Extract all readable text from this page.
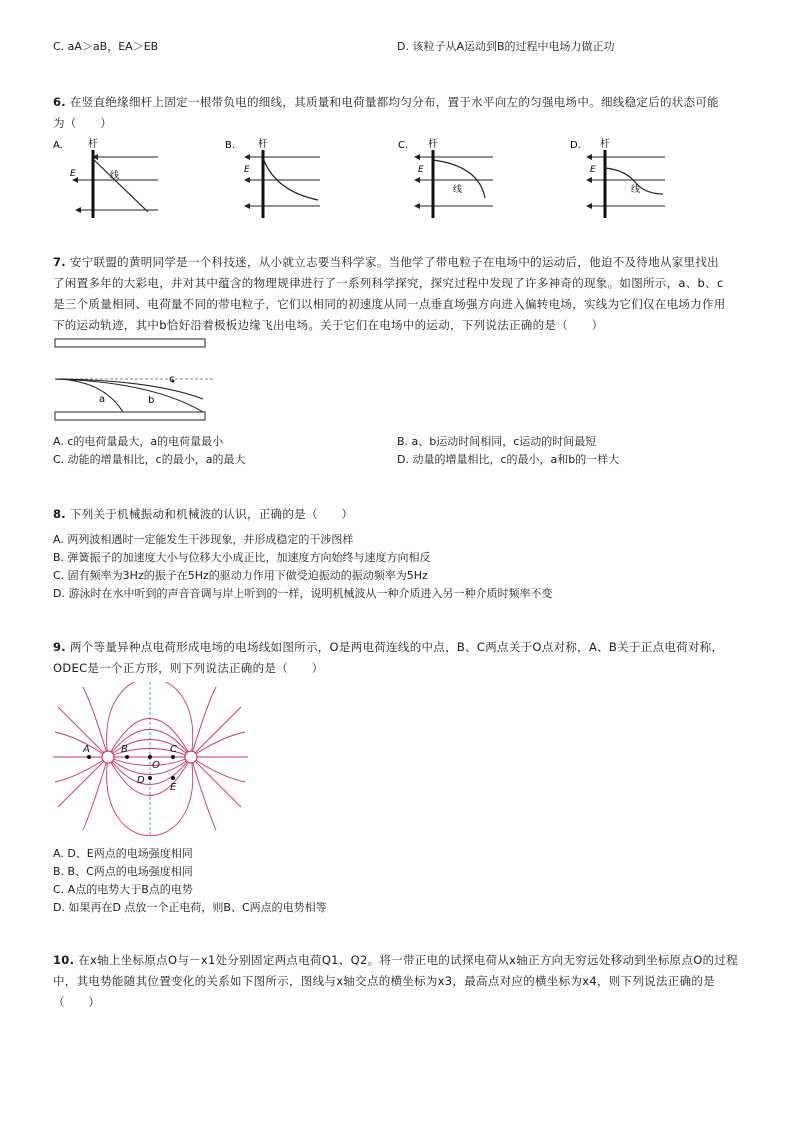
C. aA＞aB，EA＞EB	D. 该粒子从A运动到B的过程中电场力做正功
6. 在竖直绝缘细杆上固定一根带负电的细线，其质量和电荷量都均匀分布，置于水平向左的匀强电场中。细线稳定后的状态可能
为（　　）
A.	杆
E	线
B. 杆
E
C. 杆
E
线
D. 杆
E
线
7. 安宁联盟的黄明同学是一个科技迷，从小就立志要当科学家。当他学了带电粒子在电场中的运动后，他迫不及待地从家里找出
了闲置多年的大彩电，并对其中蕴含的物理规律进行了一系列科学探究，探究过程中发现了许多神奇的现象。如图所示，a、b、c
是三个质量相同、电荷量不同的带电粒子，它们以相同的初速度从同一点垂直场强方向进入偏转电场，实线为它们仅在电场力作用
下的运动轨迹，其中b恰好沿着极板边缘飞出电场。关于它们在电场中的运动，下列说法正确的是（　　）
a	b
c
A. c的电荷量最大，a的电荷量最小	B. a、b运动时间相同，c运动的时间最短
C. 动能的增量相比，c的最小，a的最大	D. 动量的增量相比，c的最小，a和b的一样大
8. 下列关于机械振动和机械波的认识，正确的是（　　）
A. 两列波相遇时一定能发生干涉现象，并形成稳定的干涉图样
B. 弹簧振子的加速度大小与位移大小成正比，加速度方向始终与速度方向相反
C. 固有频率为3Hz的振子在5Hz的驱动力作用下做受迫振动的振动频率为5Hz
D. 游泳时在水中听到的声音音调与岸上听到的一样，说明机械波从一种介质进入另一种介质时频率不变
9. 两个等量异种点电荷形成电场的电场线如图所示，O是两电荷连线的中点，B、C两点关于O点对称，A、B关于正点电荷对称，
ODEC是一个正方形，则下列说法正确的是（　　）
A	B
O
C
D
E
A. D、E两点的电场强度相同
B. B、C两点的电场强度相同
C. A点的电势大于B点的电势
D. 如果再在D 点放一个正电荷，则B、C两点的电势相等
10. 在x轴上坐标原点O与－x1处分别固定两点电荷Q1、Q2。将一带正电的试探电荷从x轴正方向无穷远处移动到坐标原点O的过程
中，其电势能随其位置变化的关系如下图所示，图线与x轴交点的横坐标为x3，最高点对应的横坐标为x4，则下列说法正确的是
（　　）
